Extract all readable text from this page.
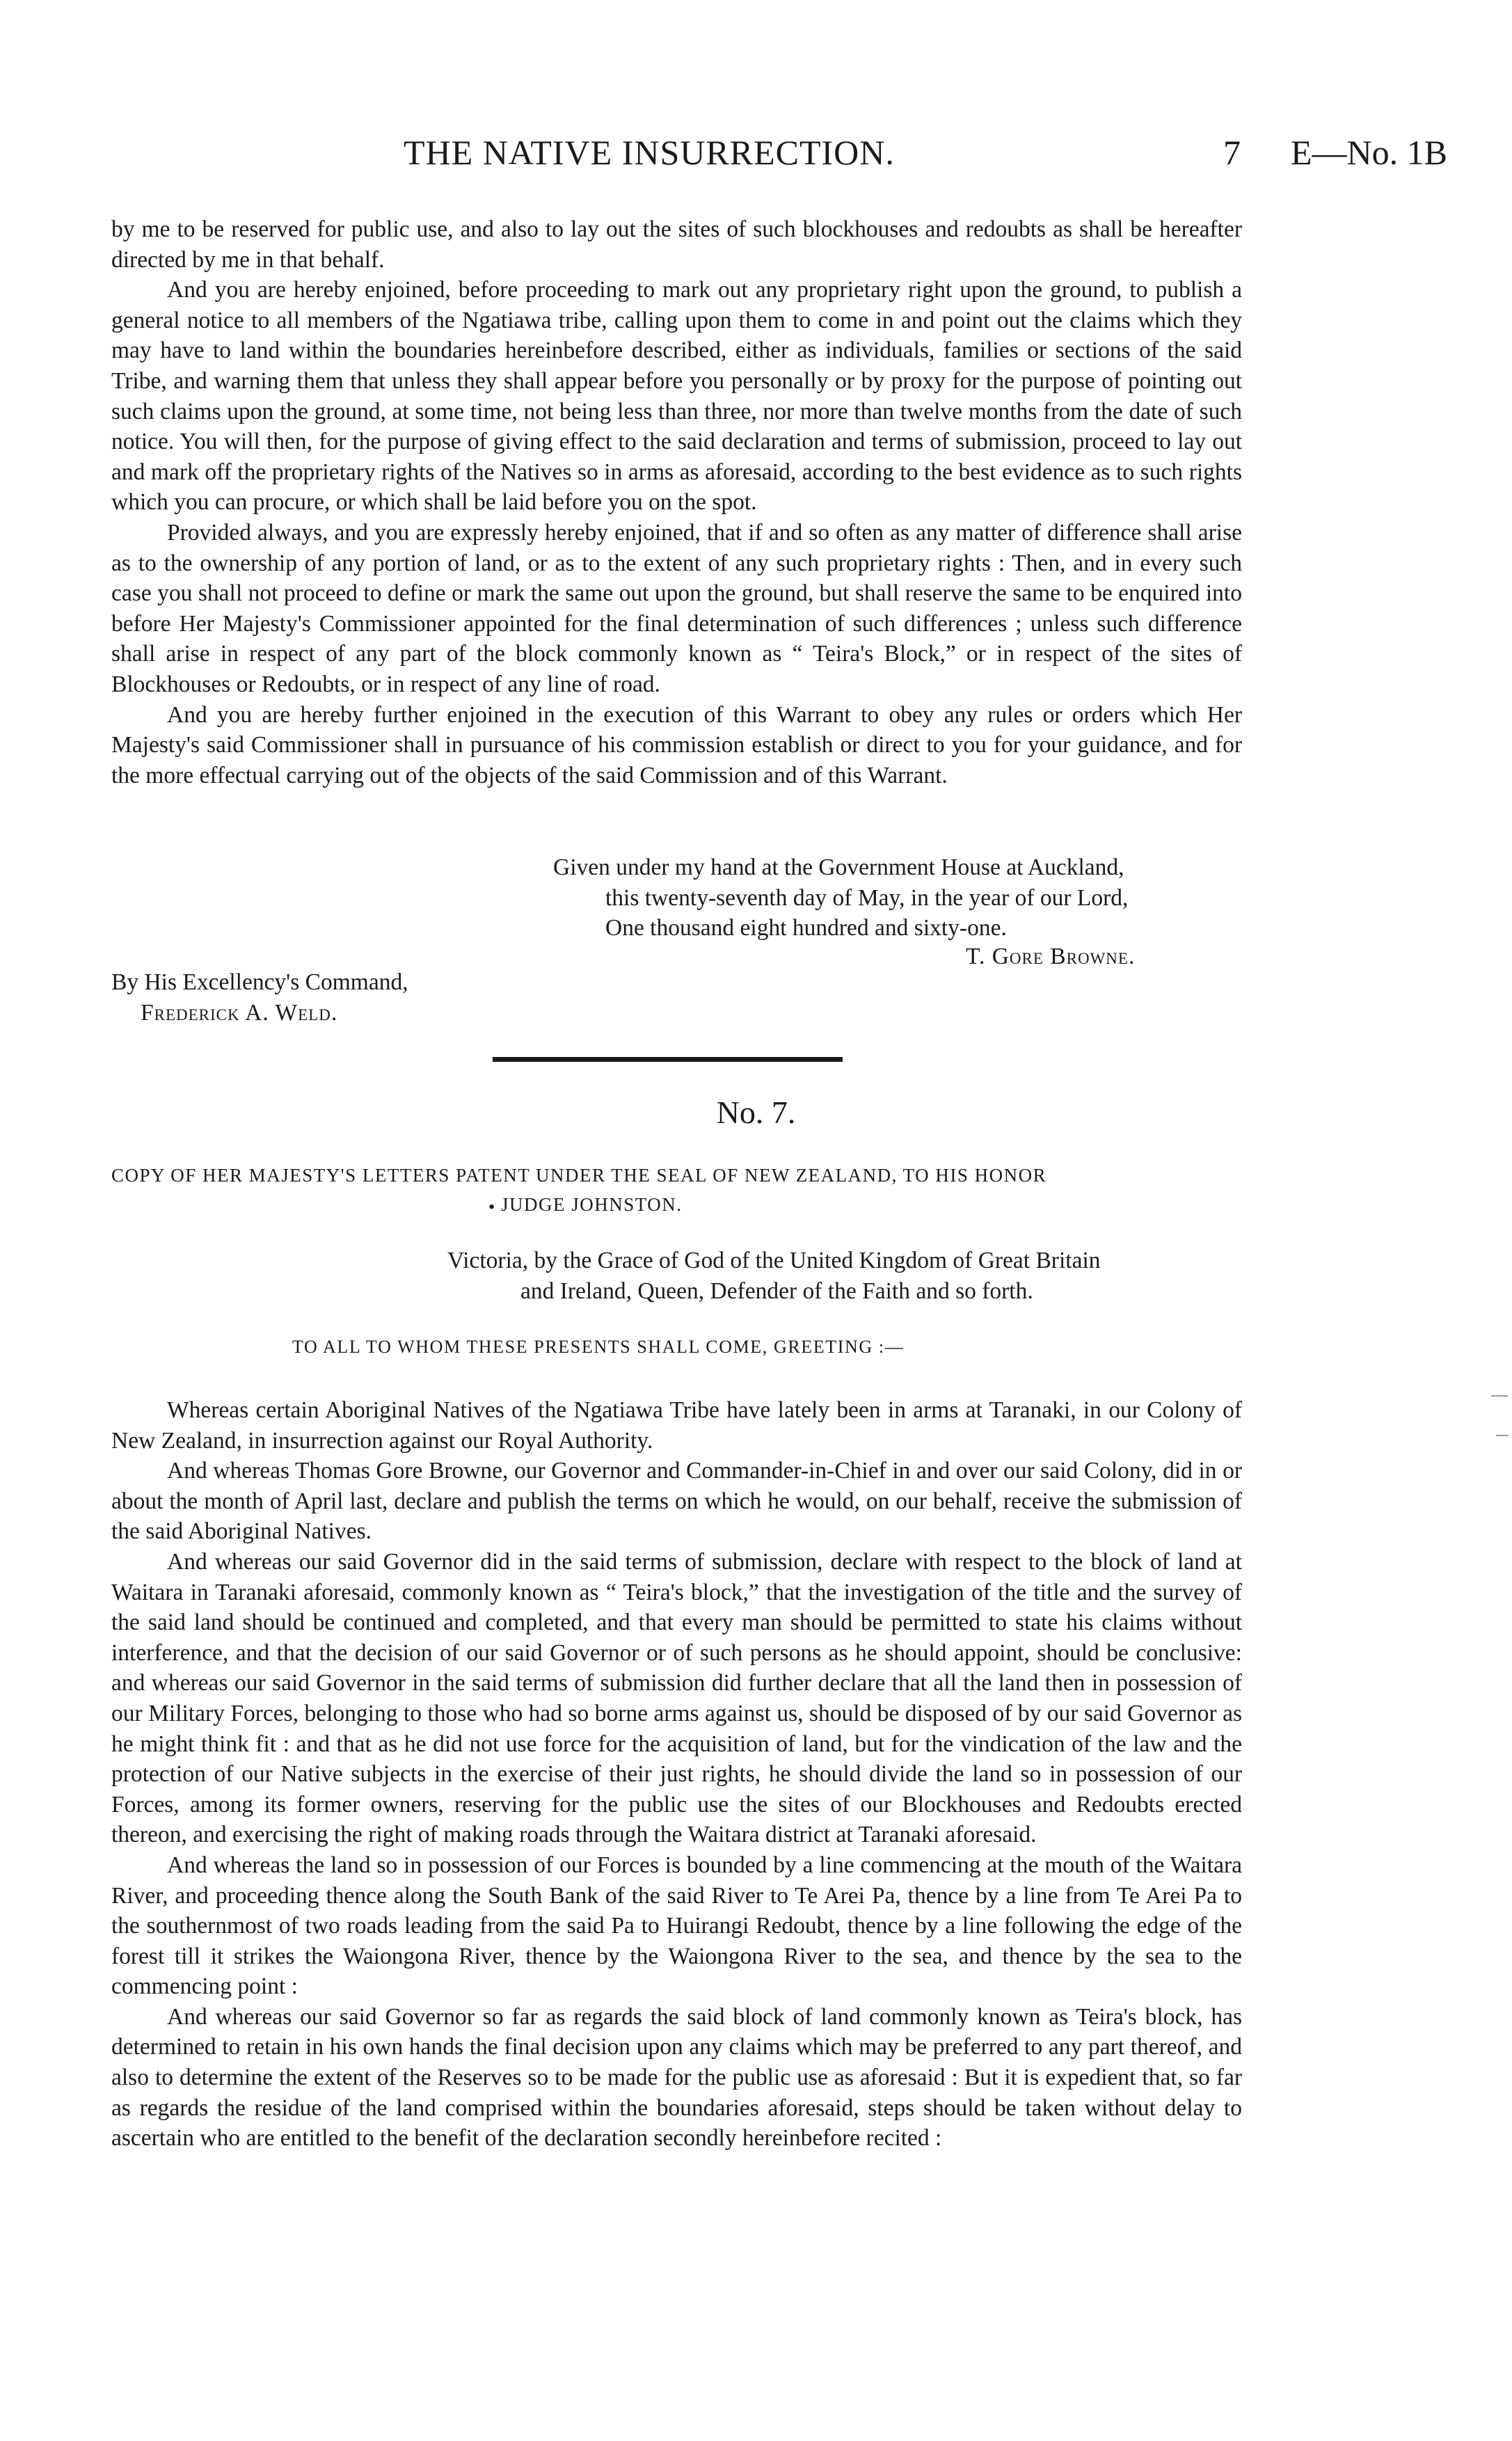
THE NATIVE INSURRECTION.	7 E—No. 1B

by me to be reserved for public use, and also to lay out the sites of such blockhouses and redoubts as shall be hereafter directed by me in that behalf.

And you are hereby enjoined, before proceeding to mark out any proprietary right upon the ground, to publish a general notice to all members of the Ngatiawa tribe, calling upon them to come in and point out the claims which they may have to land within the boundaries hereinbefore described, either as individuals, families or sections of the said Tribe, and warning them that unless they shall appear before you personally or by proxy for the purpose of pointing out such claims upon the ground, at some time, not being less than three, nor more than twelve months from the date of such notice. You will then, for the purpose of giving effect to the said declaration and terms of submission, proceed to lay out and mark off the proprietary rights of the Natives so in arms as aforesaid, according to the best evidence as to such rights which you can procure, or which shall be laid before you on the spot.

Provided always, and you are expressly hereby enjoined, that if and so often as any matter of difference shall arise as to the ownership of any portion of land, or as to the extent of any such proprietary rights : Then, and in every such case you shall not proceed to define or mark the same out upon the ground, but shall reserve the same to be enquired into before Her Majesty's Commissioner appointed for the final determination of such differences ; unless such difference shall arise in respect of any part of the block commonly known as “ Teira's Block,” or in respect of the sites of Blockhouses or Redoubts, or in respect of any line of road.

And you are hereby further enjoined in the execution of this Warrant to obey any rules or orders which Her Majesty's said Commissioner shall in pursuance of his commission establish or direct to you for your guidance, and for the more effectual carrying out of the objects of the said Commission and of this Warrant.

Given under my hand at the Government House at Auckland,
this twenty-seventh day of May, in the year of our Lord,
One thousand eight hundred and sixty-one.
T. Gore Browne.
By His Excellency's Command,
Frederick A. Weld.
No. 7.
COPY OF HER MAJESTY'S LETTERS PATENT UNDER THE SEAL OF NEW ZEALAND, TO HIS HONOR
JUDGE JOHNSTON.
•
Victoria, by the Grace of God of the United Kingdom of Great Britain
and Ireland, Queen, Defender of the Faith and so forth.
TO ALL TO WHOM THESE PRESENTS SHALL COME, GREETING :—

Whereas certain Aboriginal Natives of the Ngatiawa Tribe have lately been in arms at Taranaki, in our Colony of New Zealand, in insurrection against our Royal Authority.

And whereas Thomas Gore Browne, our Governor and Commander-in-Chief in and over our said Colony, did in or about the month of April last, declare and publish the terms on which he would, on our behalf, receive the submission of the said Aboriginal Natives.

And whereas our said Governor did in the said terms of submission, declare with respect to the block of land at Waitara in Taranaki aforesaid, commonly known as “ Teira's block,” that the investigation of the title and the survey of the said land should be continued and completed, and that every man should be permitted to state his claims without interference, and that the decision of our said Governor or of such persons as he should appoint, should be conclusive: and whereas our said Governor in the said terms of submission did further declare that all the land then in possession of our Military Forces, belonging to those who had so borne arms against us, should be disposed of by our said Governor as he might think fit : and that as he did not use force for the acquisition of land, but for the vindication of the law and the protection of our Native subjects in the exercise of their just rights, he should divide the land so in possession of our Forces, among its former owners, reserving for the public use the sites of our Blockhouses and Redoubts erected thereon, and exercising the right of making roads through the Waitara district at Taranaki aforesaid.

And whereas the land so in possession of our Forces is bounded by a line commencing at the mouth of the Waitara River, and proceeding thence along the South Bank of the said River to Te Arei Pa, thence by a line from Te Arei Pa to the southernmost of two roads leading from the said Pa to Huirangi Redoubt, thence by a line following the edge of the forest till it strikes the Waiongona River, thence by the Waiongona River to the sea, and thence by the sea to the commencing point :

And whereas our said Governor so far as regards the said block of land commonly known as Teira's block, has determined to retain in his own hands the final decision upon any claims which may be preferred to any part thereof, and also to determine the extent of the Reserves so to be made for the public use as aforesaid : But it is expedient that, so far as regards the residue of the land comprised within the boundaries aforesaid, steps should be taken without delay to ascertain who are entitled to the benefit of the declaration secondly hereinbefore recited :
